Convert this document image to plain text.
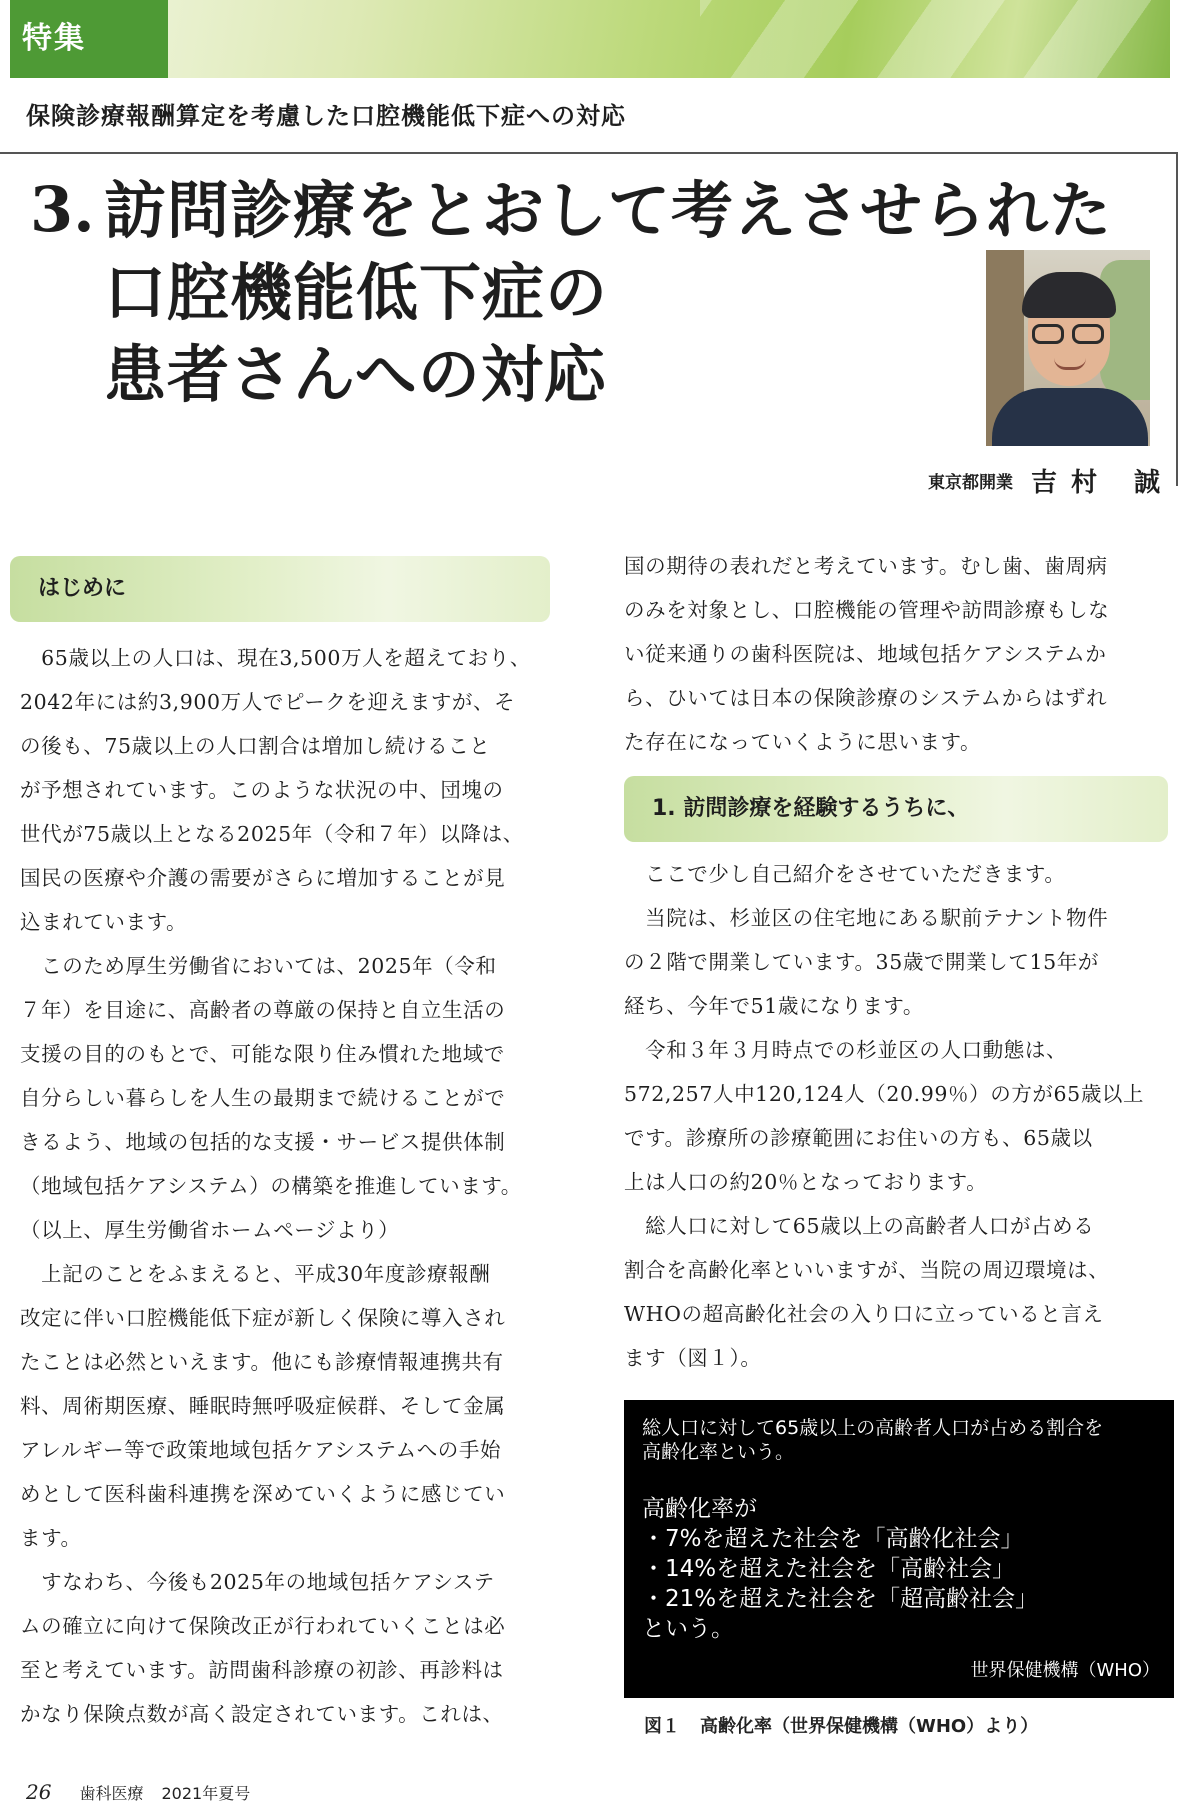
特集
保険診療報酬算定を考慮した口腔機能低下症への対応
3. 訪問診療をとおして考えさせられた
口腔機能低下症の
患者さんへの対応
東京都開業 吉村 誠
はじめに

　65歳以上の人口は、現在3,500万人を超えており、

2042年には約3,900万人でピークを迎えますが、そ

の後も、75歳以上の人口割合は増加し続けること

が予想されています。このような状況の中、団塊の

世代が75歳以上となる2025年（令和７年）以降は、

国民の医療や介護の需要がさらに増加することが見

込まれています。

　このため厚生労働省においては、2025年（令和

７年）を目途に、高齢者の尊厳の保持と自立生活の

支援の目的のもとで、可能な限り住み慣れた地域で

自分らしい暮らしを人生の最期まで続けることがで

きるよう、地域の包括的な支援・サービス提供体制

（地域包括ケアシステム）の構築を推進しています。

（以上、厚生労働省ホームページより）

　上記のことをふまえると、平成30年度診療報酬

改定に伴い口腔機能低下症が新しく保険に導入され

たことは必然といえます。他にも診療情報連携共有

料、周術期医療、睡眠時無呼吸症候群、そして金属

アレルギー等で政策地域包括ケアシステムへの手始

めとして医科歯科連携を深めていくように感じてい

ます。

　すなわち、今後も2025年の地域包括ケアシステ

ムの確立に向けて保険改正が行われていくことは必

至と考えています。訪問歯科診療の初診、再診料は

かなり保険点数が高く設定されています。これは、

国の期待の表れだと考えています。むし歯、歯周病

のみを対象とし、口腔機能の管理や訪問診療もしな

い従来通りの歯科医院は、地域包括ケアシステムか

ら、ひいては日本の保険診療のシステムからはずれ

た存在になっていくように思います。

1. 訪問診療を経験するうちに、

　ここで少し自己紹介をさせていただきます。

　当院は、杉並区の住宅地にある駅前テナント物件

の２階で開業しています。35歳で開業して15年が

経ち、今年で51歳になります。

　令和３年３月時点での杉並区の人口動態は、

572,257人中120,124人（20.99％）の方が65歳以上

です。診療所の診療範囲にお住いの方も、65歳以

上は人口の約20％となっております。

　総人口に対して65歳以上の高齢者人口が占める

割合を高齢化率といいますが、当院の周辺環境は、

WHOの超高齢化社会の入り口に立っていると言え

ます（図１）。

総人口に対して65歳以上の高齢者人口が占める割合を
高齢化率という。
高齢化率が
・7%を超えた社会を「高齢化社会」
・14%を超えた社会を「高齢社会」
・21%を超えた社会を「超高齢社会」
という。
世界保健機構（WHO）
図１ 高齢化率（世界保健機構（WHO）より）
26 歯科医療 2021年夏号
